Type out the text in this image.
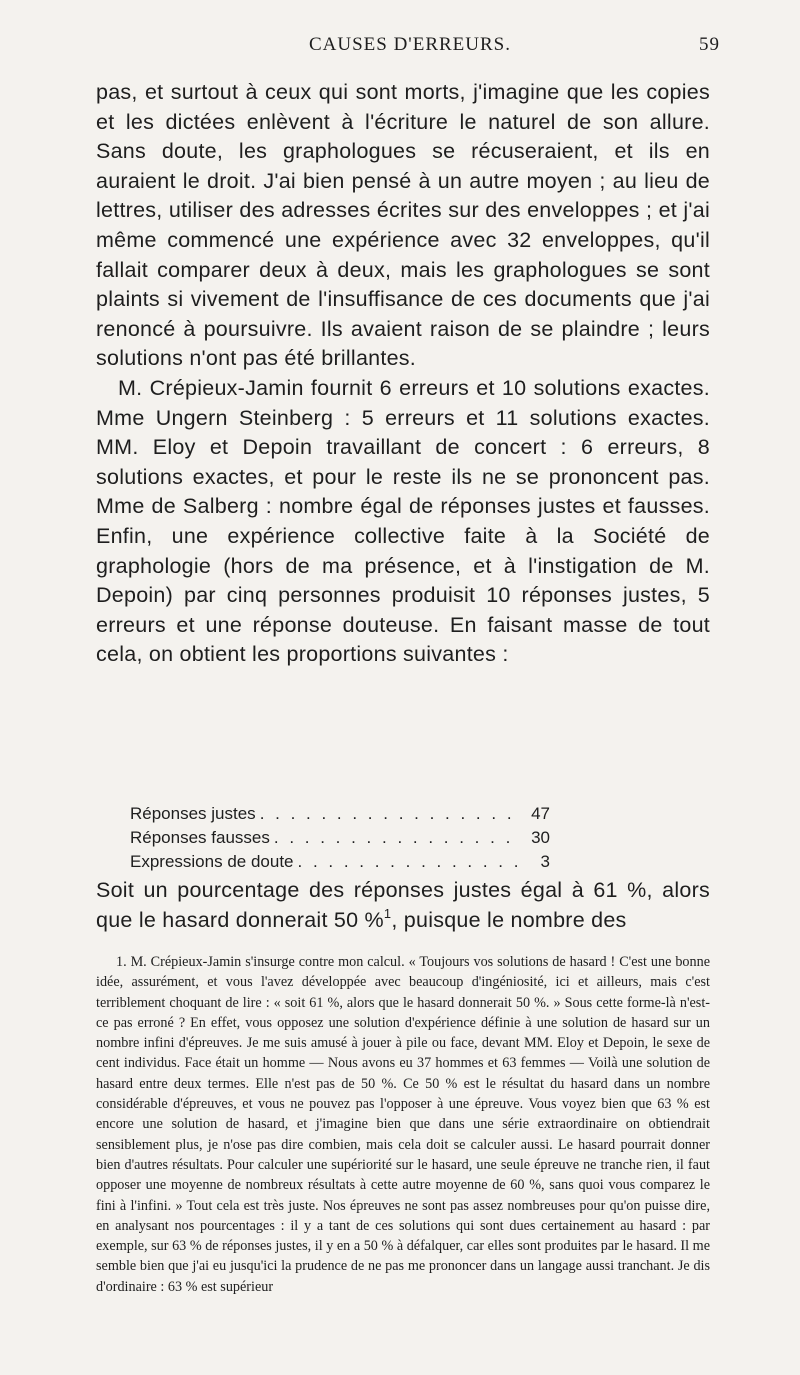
CAUSES D'ERREURS.	59

pas, et surtout à ceux qui sont morts, j'imagine que les copies et les dictées enlèvent à l'écriture le naturel de son allure. Sans doute, les graphologues se récuseraient, et ils en auraient le droit. J'ai bien pensé à un autre moyen ; au lieu de lettres, utiliser des adresses écrites sur des enveloppes ; et j'ai même commencé une expérience avec 32 enveloppes, qu'il fallait comparer deux à deux, mais les graphologues se sont plaints si vivement de l'insuffisance de ces documents que j'ai renoncé à poursuivre. Ils avaient raison de se plaindre ; leurs solutions n'ont pas été brillantes.

M. Crépieux-Jamin fournit 6 erreurs et 10 solutions exactes. Mme Ungern Steinberg : 5 erreurs et 11 solutions exactes. MM. Eloy et Depoin travaillant de concert : 6 erreurs, 8 solutions exactes, et pour le reste ils ne se prononcent pas. Mme de Salberg : nombre égal de réponses justes et fausses. Enfin, une expérience collective faite à la Société de graphologie (hors de ma présence, et à l'instigation de M. Depoin) par cinq personnes produisit 10 réponses justes, 5 erreurs et une réponse douteuse. En faisant masse de tout cela, on obtient les proportions suivantes :

Réponses justes . . .	47
Réponses fausses . . .	30
Expressions de doute . . .	3
Soit un pourcentage des réponses justes égal à 61 %, alors que le hasard donnerait 50 %$^1$, puisque le nombre des

1. M. Crépieux-Jamin s'insurge contre mon calcul. « Toujours vos solutions de hasard ! C'est une bonne idée, assurément, et vous l'avez développée avec beaucoup d'ingéniosité, ici et ailleurs, mais c'est terriblement choquant de lire : « soit 61 %, alors que le hasard donnerait 50 %. » Sous cette forme-là n'est-ce pas erroné ? En effet, vous opposez une solution d'expérience définie à une solution de hasard sur un nombre infini d'épreuves. Je me suis amusé à jouer à pile ou face, devant MM. Eloy et Depoin, le sexe de cent individus. Face était un homme — Nous avons eu 37 hommes et 63 femmes — Voilà une solution de hasard entre deux termes. Elle n'est pas de 50 %. Ce 50 % est le résultat du hasard dans un nombre considérable d'épreuves, et vous ne pouvez pas l'opposer à une épreuve. Vous voyez bien que 63 % est encore une solution de hasard, et j'imagine bien que dans une série extraordinaire on obtiendrait sensiblement plus, je n'ose pas dire combien, mais cela doit se calculer aussi. Le hasard pourrait donner bien d'autres résultats. Pour calculer une supériorité sur le hasard, une seule épreuve ne tranche rien, il faut opposer une moyenne de nombreux résultats à cette autre moyenne de 60 %, sans quoi vous comparez le fini à l'infini. » Tout cela est très juste. Nos épreuves ne sont pas assez nombreuses pour qu'on puisse dire, en analysant nos pourcentages : il y a tant de ces solutions qui sont dues certainement au hasard : par exemple, sur 63 % de réponses justes, il y en a 50 % à défalquer, car elles sont produites par le hasard. Il me semble bien que j'ai eu jusqu'ici la prudence de ne pas me prononcer dans un langage aussi tranchant. Je dis d'ordinaire : 63 % est supérieur
